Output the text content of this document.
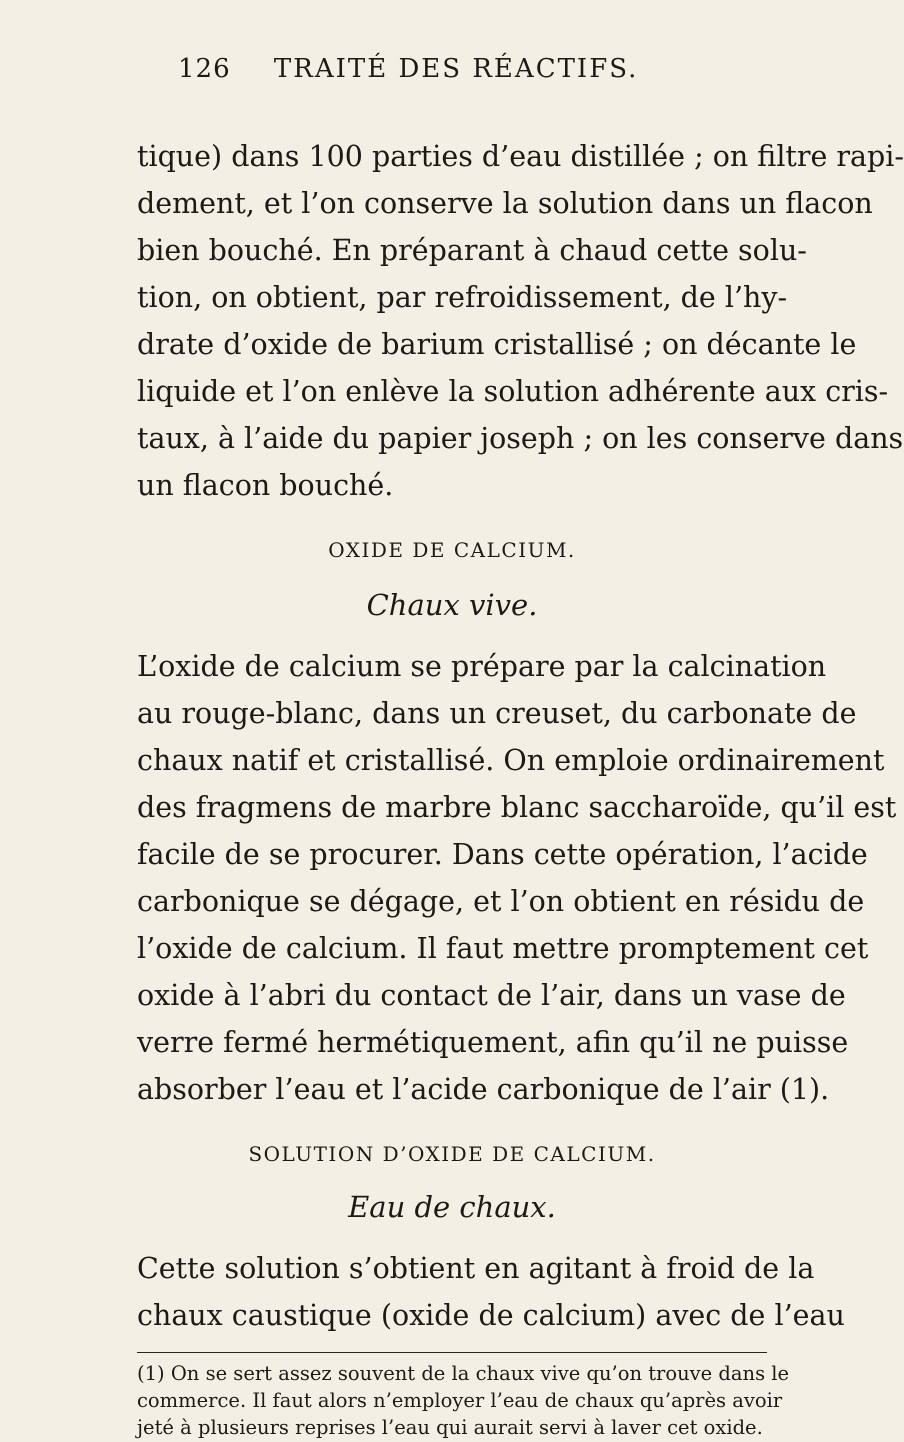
126 TRAITÉ DES RÉACTIFS.
tique) dans 100 parties d’eau distillée ; on filtre rapi-
dement, et l’on conserve la solution dans un flacon
bien bouché. En préparant à chaud cette solu-
tion, on obtient, par refroidissement, de l’hy-
drate d’oxide de barium cristallisé ; on décante le
liquide et l’on enlève la solution adhérente aux cris-
taux, à l’aide du papier joseph ; on les conserve dans
un flacon bouché.
OXIDE DE CALCIUM.
Chaux vive.
L’oxide de calcium se prépare par la calcination
au rouge-blanc, dans un creuset, du carbonate de
chaux natif et cristallisé. On emploie ordinairement
des fragmens de marbre blanc saccharoïde, qu’il est
facile de se procurer. Dans cette opération, l’acide
carbonique se dégage, et l’on obtient en résidu de
l’oxide de calcium. Il faut mettre promptement cet
oxide à l’abri du contact de l’air, dans un vase de
verre fermé hermétiquement, afin qu’il ne puisse
absorber l’eau et l’acide carbonique de l’air (1).
SOLUTION D’OXIDE DE CALCIUM.
Eau de chaux.
Cette solution s’obtient en agitant à froid de la
chaux caustique (oxide de calcium) avec de l’eau
(1) On se sert assez souvent de la chaux vive qu’on trouve dans le
commerce. Il faut alors n’employer l’eau de chaux qu’après avoir
jeté à plusieurs reprises l’eau qui aurait servi à laver cet oxide.
